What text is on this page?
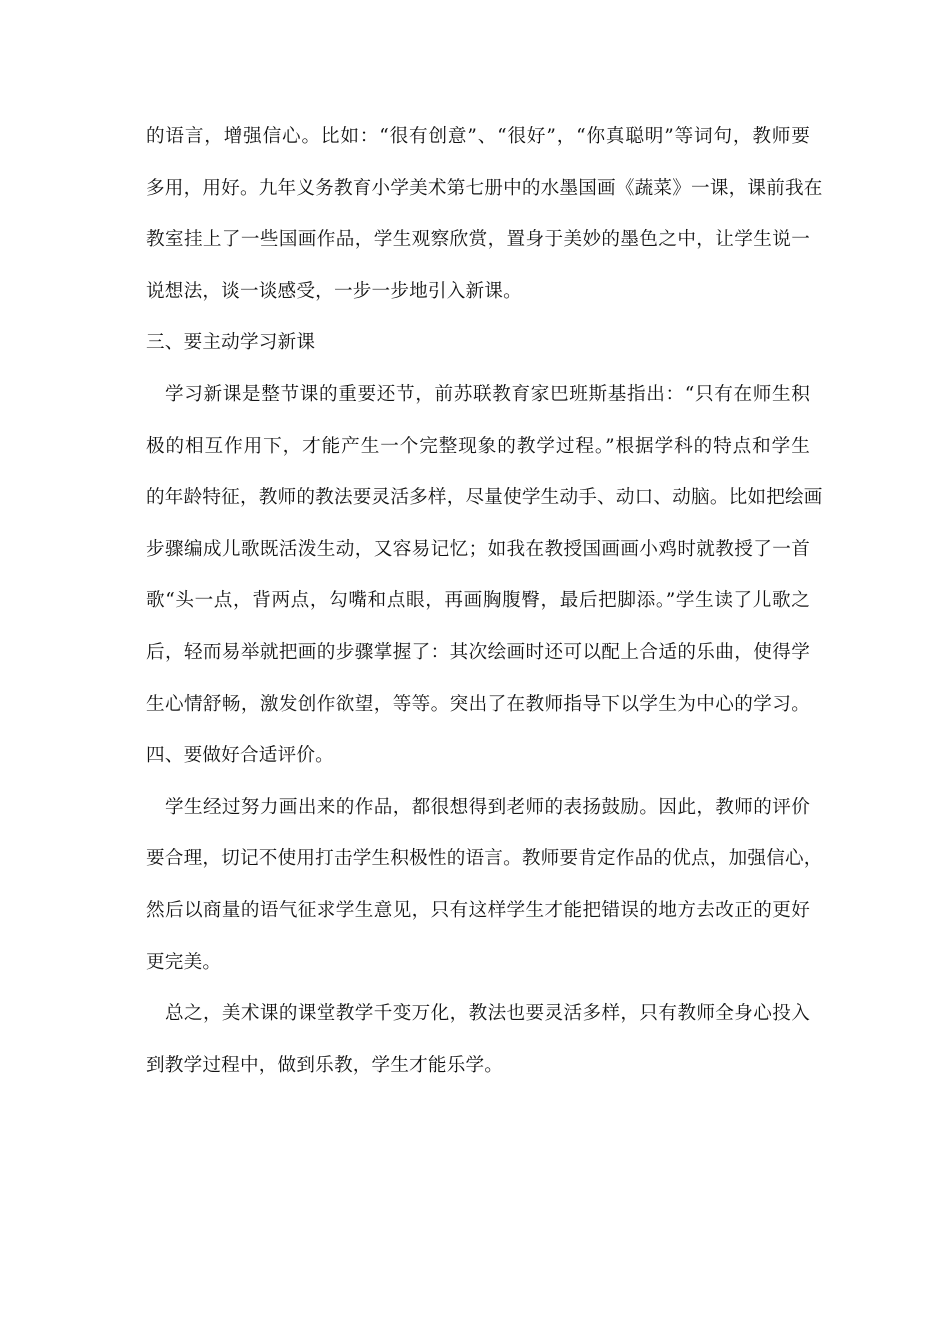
的语言，增强信心。比如：“很有创意”、“很好”，“你真聪明”等词句，教师要
多用，用好。九年义务教育小学美术第七册中的水墨国画《蔬菜》一课，课前我在
教室挂上了一些国画作品，学生观察欣赏，置身于美妙的墨色之中，让学生说一
说想法，谈一谈感受，一步一步地引入新课。
三、要主动学习新课
学习新课是整节课的重要还节，前苏联教育家巴班斯基指出：“只有在师生积
极的相互作用下，才能产生一个完整现象的教学过程。”根据学科的特点和学生
的年龄特征，教师的教法要灵活多样，尽量使学生动手、动口、动脑。比如把绘画
步骤编成儿歌既活泼生动，又容易记忆；如我在教授国画画小鸡时就教授了一首
歌“头一点，背两点，勾嘴和点眼，再画胸腹臀，最后把脚添。”学生读了儿歌之
后，轻而易举就把画的步骤掌握了：其次绘画时还可以配上合适的乐曲，使得学
生心情舒畅，激发创作欲望，等等。突出了在教师指导下以学生为中心的学习。
四、要做好合适评价。
学生经过努力画出来的作品，都很想得到老师的表扬鼓励。因此，教师的评价
要合理，切记不使用打击学生积极性的语言。教师要肯定作品的优点，加强信心，
然后以商量的语气征求学生意见，只有这样学生才能把错误的地方去改正的更好
更完美。
总之，美术课的课堂教学千变万化，教法也要灵活多样，只有教师全身心投入
到教学过程中，做到乐教，学生才能乐学。
